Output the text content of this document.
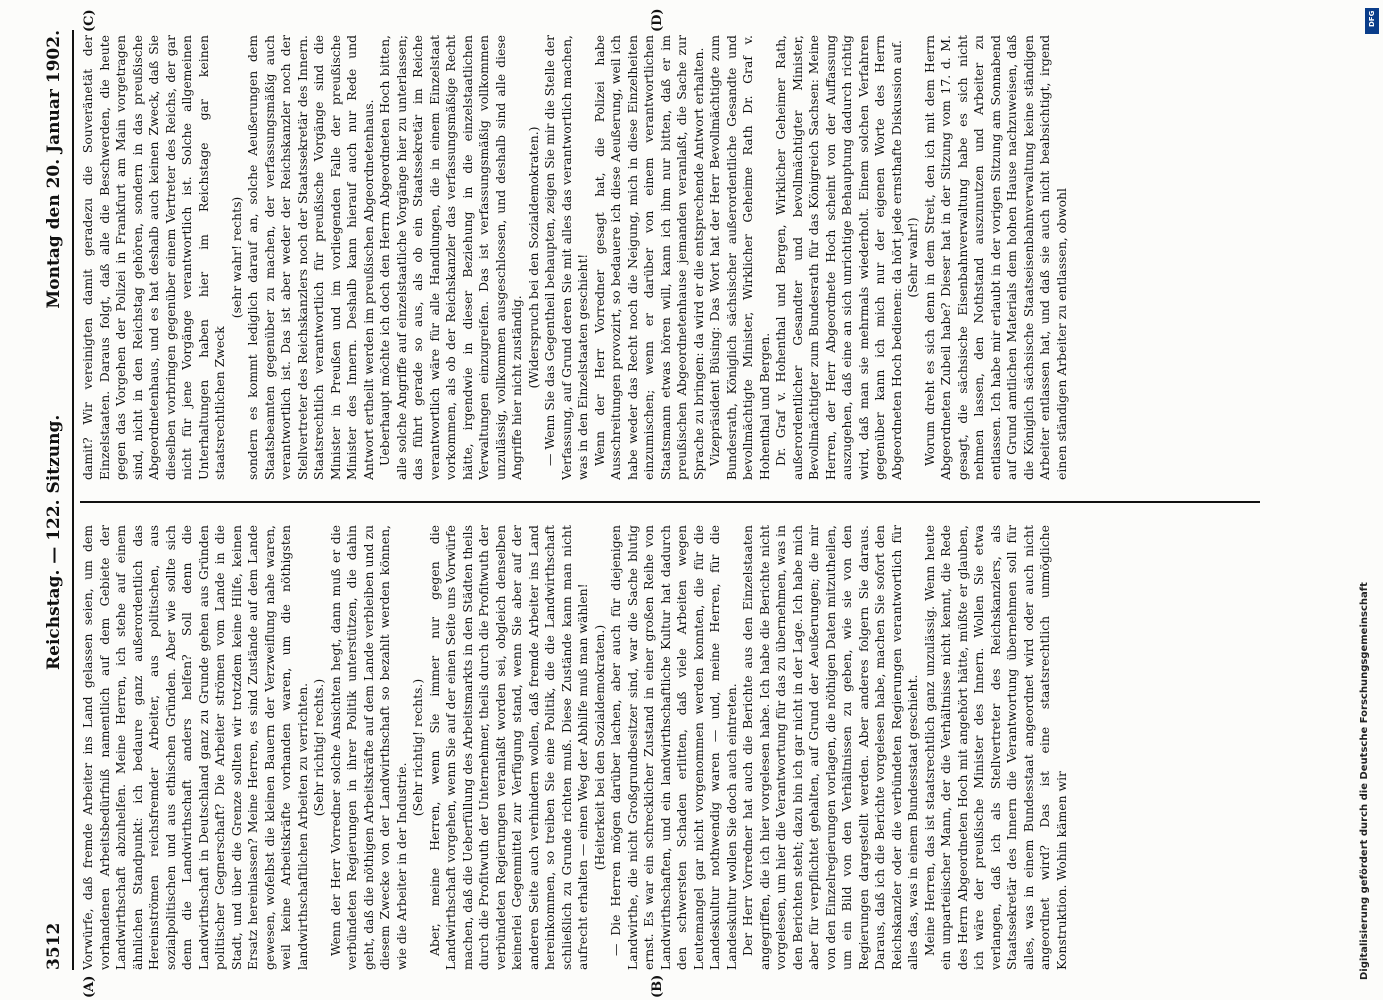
3512
Reichstag. — 122. Sitzung.
Montag den 20. Januar 1902.
(A)	(B)
(C)	(D)

Vorwürfe, daß fremde Arbeiter ins Land gelassen seien, um dem vorhandenen Arbeitsbedürfniß namentlich auf dem Gebiete der Landwirthschaft abzuhelfen. Meine Herren, ich stehe auf einem ähnlichen Standpunkt: ich bedaure ganz außerordentlich das Hereinströmen reichsfremder Arbeiter, aus politischen, aus sozialpolitischen und aus ethischen Gründen. Aber wie sollte sich denn die Landwirthschaft anders helfen? Soll denn die Landwirthschaft in Deutschland ganz zu Grunde gehen aus Gründen politischer Gegnerschaft? Die Arbeiter strömen vom Lande in die Stadt, und über die Grenze sollten wir trotzdem keine Hilfe, keinen Ersatz hereinlassen? Meine Herren, es sind Zustände auf dem Lande gewesen, wofelbst die kleinen Bauern der Verzweiflung nahe waren, weil keine Arbeitskräfte vorhanden waren, um die nöthigsten landwirthschaftlichen Arbeiten zu verrichten. (Sehr richtig! rechts.) Wenn der Herr Vorredner solche Ansichten hegt, dann muß er die verbündeten Regierungen in ihrer Politik unterstützen, die dahin geht, daß die nöthigen Arbeitskräfte auf dem Lande verbleiben und zu diesem Zwecke von der Landwirthschaft so bezahlt werden können, wie die Arbeiter in der Industrie.

(Sehr richtig! rechts.) Aber, meine Herren, wenn Sie immer nur gegen die Landwirthschaft vorgehen, wenn Sie auf der einen Seite uns Vorwürfe machen, daß die Ueberfüllung des Arbeitsmarkts in den Städten theils durch die Profitwuth der Unternehmer, theils durch die Profitwuth der verbündeten Regierungen veranlaßt worden sei, obgleich denselben keinerlei Gegenmittel zur Verfügung stand, wenn Sie aber auf der anderen Seite auch verhindern wollen, daß fremde Arbeiter ins Land hereinkommen, so treiben Sie eine Politik, die die Landwirthschaft schließlich zu Grunde richten muß. Diese Zustände kann man nicht aufrecht erhalten — einen Weg der Abhilfe muß man wählen! (Heiterkeit bei den Sozialdemokraten.) — Die Herren mögen darüber lachen, aber auch für diejenigen Landwirthe, die nicht Großgrundbesitzer sind, war die Sache blutig ernst. Es war ein schrecklicher Zustand in einer großen Reihe von Landwirthschaften, und ein landwirthschaftliche Kultur hat dadurch den schwersten Schaden erlitten, daß viele Arbeiten wegen Leutemangel gar nicht vorgenommen werden konnten, die für die Landeskultur nothwendig waren — und, meine Herren, für die Landeskultur wollen Sie doch auch eintreten. Der Herr Vorredner hat auch die Berichte aus den Einzelstaaten angegriffen, die ich hier vorgelesen habe. Ich habe die Berichte nicht vorgelesen, um hier die Verantwortung für das zu übernehmen, was in den Berichten steht; dazu bin ich gar nicht in der Lage. Ich habe mich aber für verpflichtet gehalten, auf Grund der Aeußerungen; die mir von den Einzelregierungen vorlagen, die nöthigen Daten mitzutheilen, um ein Bild von den Verhältnissen zu geben, wie sie von den Regierungen dargestellt werden. Aber anderes folgern Sie daraus. Daraus, daß ich die Berichte vorgelesen habe, machen Sie sofort den Reichskanzler oder die verbündeten Regierungen verantwortlich für alles das, was in einem Bundesstaat geschieht. Meine Herren, das ist staatsrechtlich ganz unzulässig. Wenn heute ein unparteiischer Mann, der die Verhältnisse nicht kennt, die Rede des Herrn Abgeordneten Hoch mit angehört hätte, müßte er glauben, ich wäre der preußische Minister des Innern. Wollen Sie etwa verlangen, daß ich als Stellvertreter des Reichskanzlers, als Staatssekretär des Innern die Verantwortung übernehmen soll für alles, was in einem Bundesstaat angeordnet wird oder auch nicht angeordnet wird? Das ist eine staatsrechtlich unmögliche Konstruktion. Wohin kämen wir

damit? Wir vereinigten damit geradezu die Souveränetät der Einzelstaaten. Daraus folgt, daß alle die Beschwerden, die heute gegen das Vorgehen der Polizei in Frankfurt am Main vorgetragen sind, nicht in den Reichstag gehören, sondern in das preußische Abgeordnetenhaus, und es hat deshalb auch keinen Zweck, daß Sie dieselben vorbringen gegenüber einem Vertreter des Reichs, der gar nicht für jene Vorgänge verantwortlich ist. Solche allgemeinen Unterhaltungen haben hier im Reichstage gar keinen staatsrechtlichen Zweck

(sehr wahr! rechts) sondern es kommt lediglich darauf an, solche Aeußerungen dem Staatsbeamten gegenüber zu machen, der verfassungsmäßig auch verantwortlich ist. Das ist aber weder der Reichskanzler noch der Stellvertreter des Reichskanzlers noch der Staatssekretär des Innern. Staatsrechtlich verantwortlich für preußische Vorgänge sind die Minister in Preußen und im vorliegenden Falle der preußische Minister des Innern. Deshalb kann hierauf auch nur Rede und Antwort ertheilt werden im preußischen Abgeordnetenhaus. Ueberhaupt möchte ich doch den Herrn Abgeordneten Hoch bitten, alle solche Angriffe auf einzelstaatliche Vorgänge hier zu unterlassen; das führt gerade so aus, als ob ein Staatssekretär im Reiche verantwortlich wäre für alle Handlungen, die in einem Einzelstaat vorkommen, als ob der Reichskanzler das verfassungsmäßige Recht hätte, irgendwie in dieser Beziehung in die einzelstaatlichen Verwaltungen einzugreifen. Das ist verfassungsmäßig vollkommen unzulässig, vollkommen ausgeschlossen, und deshalb sind alle diese Angriffe hier nicht zuständig. (Widerspruch bei den Sozialdemokraten.) — Wenn Sie das Gegentheil behaupten, zeigen Sie mir die Stelle der Verfassung, auf Grund deren Sie mit alles das verantwortlich machen, was in den Einzelstaaten geschieht! Wenn der Herr Vorredner gesagt hat, die Polizei habe Ausschreitungen provozirt, so bedauere ich diese Aeußerung, weil ich habe weder das Recht noch die Neigung, mich in diese Einzelheiten einzumischen; wenn er darüber von einem verantwortlichen Staatsmann etwas hören will, kann ich ihm nur bitten, daß er im preußischen Abgeordnetenhause jemanden veranlaßt, die Sache zur Sprache zu bringen: da wird er die entsprechende Antwort erhalten. Vizepräsident Büsing: Das Wort hat der Herr Bevollmächtigte zum Bundesrath, Königlich sächsischer außerordentliche Gesandte und bevollmächtigte Minister, Wirklicher Geheime Rath Dr. Graf v. Hohenthal und Bergen. Dr. Graf v. Hohenthal und Bergen, Wirklicher Geheimer Rath, außerordentlicher Gesandter und bevollmächtigter Minister, Bevollmächtigter zum Bundesrath für das Königreich Sachsen: Meine Herren, der Herr Abgeordnete Hoch scheint von der Auffassung auszugehen, daß eine an sich unrichtige Behauptung dadurch richtig wird, daß man sie mehrmals wiederholt. Einem solchen Verfahren gegenüber kann ich mich nur der eigenen Worte des Herrn Abgeordneten Hoch bedienen: da hört jede ernsthafte Diskussion auf. (Sehr wahr!) Worum dreht es sich denn in dem Streit, den ich mit dem Herrn Abgeordneten Zubeil habe? Dieser hat in der Sitzung vom 17. d. M. gesagt, die sächsische Eisenbahnverwaltung habe es sich nicht nehmen lassen, den Nothstand auszunutzen und Arbeiter zu entlassen. Ich habe mir erlaubt in der vorigen Sitzung am Sonnabend auf Grund amtlichen Materials dem hohen Hause nachzuweisen, daß die Königlich sächsische Staatseisenbahnverwaltung keine ständigen Arbeiter entlassen hat, und daß sie auch nicht beabsichtigt, irgend einen ständigen Arbeiter zu entlassen, obwohl

DFG
Digitalisierung gefördert durch die Deutsche Forschungsgemeinschaft
